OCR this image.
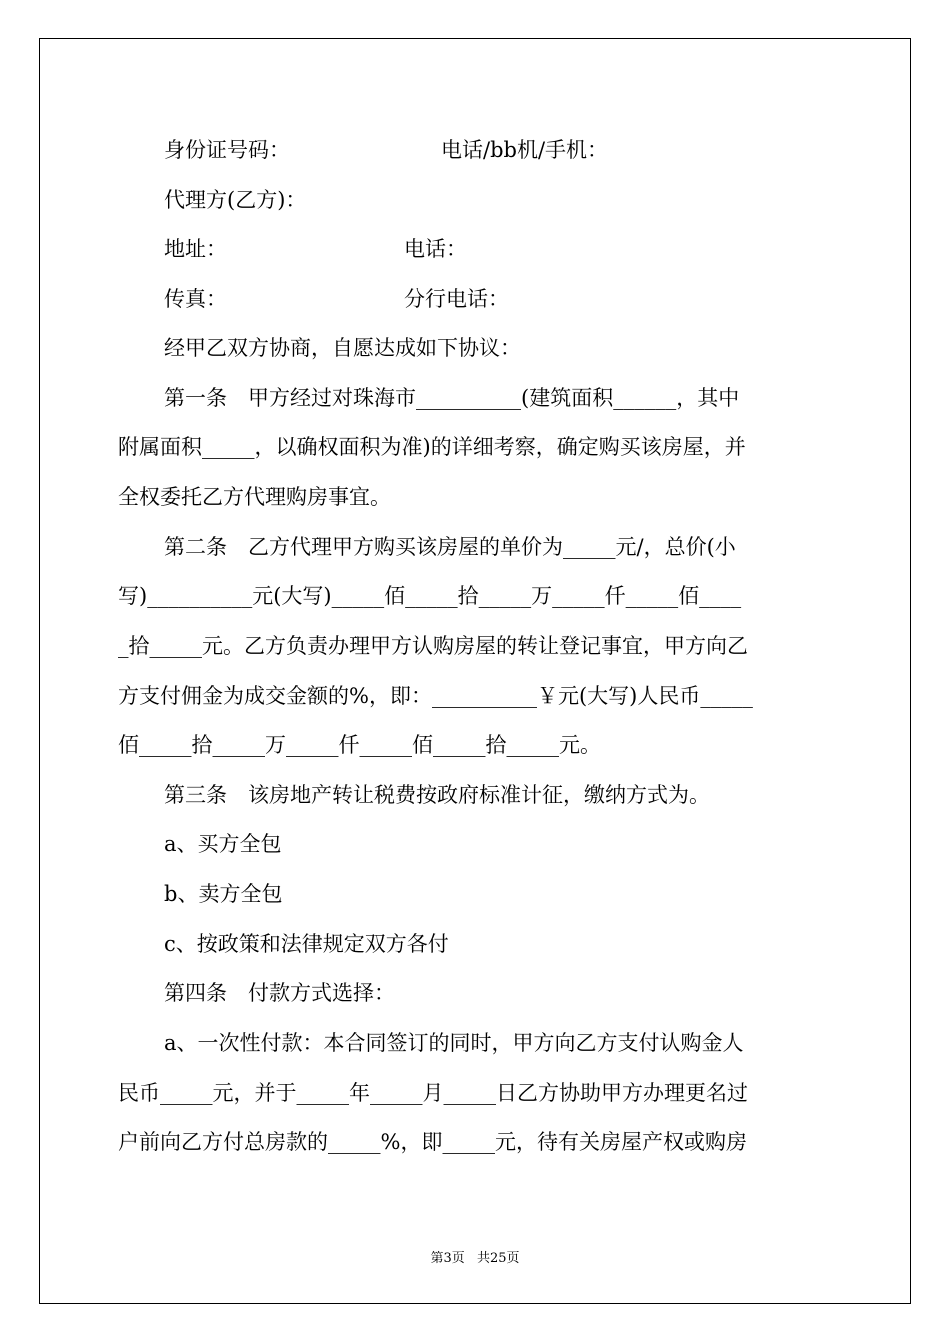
身份证号码：	电话/bb机/手机：
代理方(乙方)：
地址：	电话：
传真：	分行电话：
经甲乙双方协商，自愿达成如下协议：
第一条　甲方经过对珠海市__________(建筑面积______，其中
附属面积_____，以确权面积为准)的详细考察，确定购买该房屋，并
全权委托乙方代理购房事宜。
第二条　乙方代理甲方购买该房屋的单价为_____元/，总价(小
写)__________元(大写)_____佰_____拾_____万_____仟_____佰____
_拾_____元。乙方负责办理甲方认购房屋的转让登记事宜，甲方向乙
方支付佣金为成交金额的%，即：__________￥元(大写)人民币_____
佰_____拾_____万_____仟_____佰_____拾_____元。
第三条　该房地产转让税费按政府标准计征，缴纳方式为。
a、买方全包
b、卖方全包
c、按政策和法律规定双方各付
第四条　付款方式选择：
a、一次性付款：本合同签订的同时，甲方向乙方支付认购金人
民币_____元，并于_____年_____月_____日乙方协助甲方办理更名过
户前向乙方付总房款的_____%，即_____元，待有关房屋产权或购房
第3页 共25页
